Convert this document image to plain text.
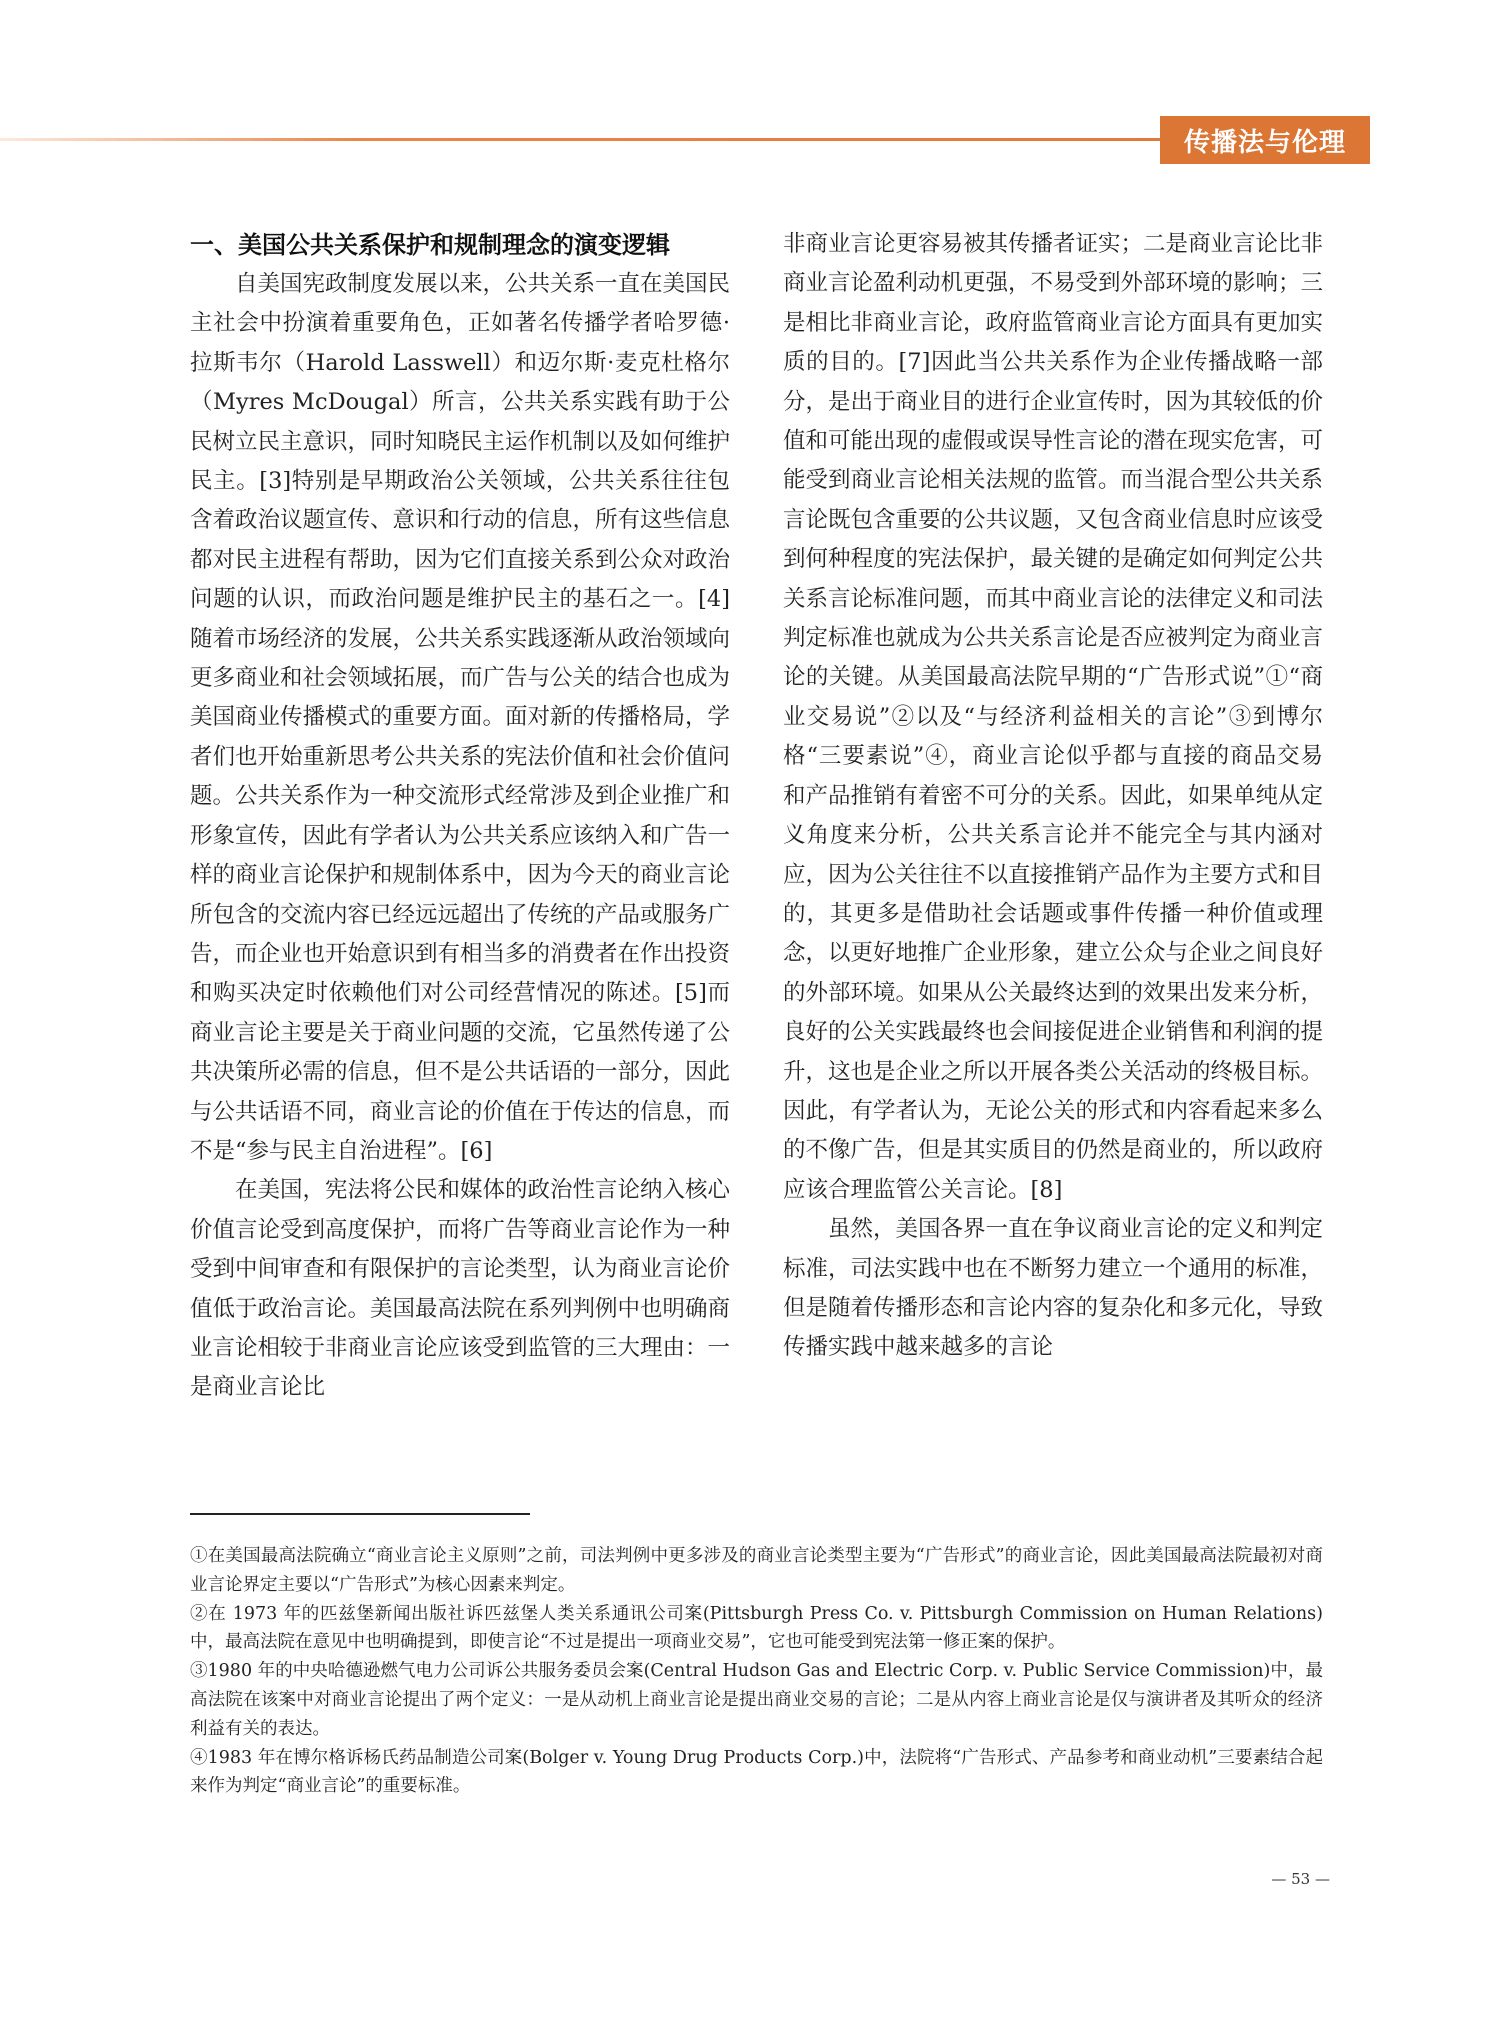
传播法与伦理
一、美国公共关系保护和规制理念的演变逻辑

自美国宪政制度发展以来，公共关系一直在美国民主社会中扮演着重要角色，正如著名传播学者哈罗德·拉斯韦尔（Harold Lasswell）和迈尔斯·麦克杜格尔（Myres McDougal）所言，公共关系实践有助于公民树立民主意识，同时知晓民主运作机制以及如何维护民主。[3]特别是早期政治公关领域，公共关系往往包含着政治议题宣传、意识和行动的信息，所有这些信息都对民主进程有帮助，因为它们直接关系到公众对政治问题的认识，而政治问题是维护民主的基石之一。[4]随着市场经济的发展，公共关系实践逐渐从政治领域向更多商业和社会领域拓展，而广告与公关的结合也成为美国商业传播模式的重要方面。面对新的传播格局，学者们也开始重新思考公共关系的宪法价值和社会价值问题。公共关系作为一种交流形式经常涉及到企业推广和形象宣传，因此有学者认为公共关系应该纳入和广告一样的商业言论保护和规制体系中，因为今天的商业言论所包含的交流内容已经远远超出了传统的产品或服务广告，而企业也开始意识到有相当多的消费者在作出投资和购买决定时依赖他们对公司经营情况的陈述。[5]而商业言论主要是关于商业问题的交流，它虽然传递了公共决策所必需的信息，但不是公共话语的一部分，因此与公共话语不同，商业言论的价值在于传达的信息，而不是“参与民主自治进程”。[6]

在美国，宪法将公民和媒体的政治性言论纳入核心价值言论受到高度保护，而将广告等商业言论作为一种受到中间审查和有限保护的言论类型，认为商业言论价值低于政治言论。美国最高法院在系列判例中也明确商业言论相较于非商业言论应该受到监管的三大理由：一是商业言论比

非商业言论更容易被其传播者证实；二是商业言论比非商业言论盈利动机更强，不易受到外部环境的影响；三是相比非商业言论，政府监管商业言论方面具有更加实质的目的。[7]因此当公共关系作为企业传播战略一部分，是出于商业目的进行企业宣传时，因为其较低的价值和可能出现的虚假或误导性言论的潜在现实危害，可能受到商业言论相关法规的监管。而当混合型公共关系言论既包含重要的公共议题，又包含商业信息时应该受到何种程度的宪法保护，最关键的是确定如何判定公共关系言论标准问题，而其中商业言论的法律定义和司法判定标准也就成为公共关系言论是否应被判定为商业言论的关键。从美国最高法院早期的“广告形式说”①“商业交易说”②以及“与经济利益相关的言论”③到博尔格“三要素说”④，商业言论似乎都与直接的商品交易和产品推销有着密不可分的关系。因此，如果单纯从定义角度来分析，公共关系言论并不能完全与其内涵对应，因为公关往往不以直接推销产品作为主要方式和目的，其更多是借助社会话题或事件传播一种价值或理念，以更好地推广企业形象，建立公众与企业之间良好的外部环境。如果从公关最终达到的效果出发来分析，良好的公关实践最终也会间接促进企业销售和利润的提升，这也是企业之所以开展各类公关活动的终极目标。因此，有学者认为，无论公关的形式和内容看起来多么的不像广告，但是其实质目的仍然是商业的，所以政府应该合理监管公关言论。[8]

虽然，美国各界一直在争议商业言论的定义和判定标准，司法实践中也在不断努力建立一个通用的标准，但是随着传播形态和言论内容的复杂化和多元化，导致传播实践中越来越多的言论

①在美国最高法院确立“商业言论主义原则”之前，司法判例中更多涉及的商业言论类型主要为“广告形式”的商业言论，因此美国最高法院最初对商业言论界定主要以“广告形式”为核心因素来判定。

②在 1973 年的匹兹堡新闻出版社诉匹兹堡人类关系通讯公司案(Pittsburgh Press Co. v. Pittsburgh Commission on Human Relations)中，最高法院在意见中也明确提到，即使言论“不过是提出一项商业交易”，它也可能受到宪法第一修正案的保护。

③1980 年的中央哈德逊燃气电力公司诉公共服务委员会案(Central Hudson Gas and Electric Corp. v. Public Service Commission)中，最高法院在该案中对商业言论提出了两个定义：一是从动机上商业言论是提出商业交易的言论；二是从内容上商业言论是仅与演讲者及其听众的经济利益有关的表达。

④1983 年在博尔格诉杨氏药品制造公司案(Bolger v. Young Drug Products Corp.)中，法院将“广告形式、产品参考和商业动机”三要素结合起来作为判定“商业言论”的重要标准。

— 53 —
